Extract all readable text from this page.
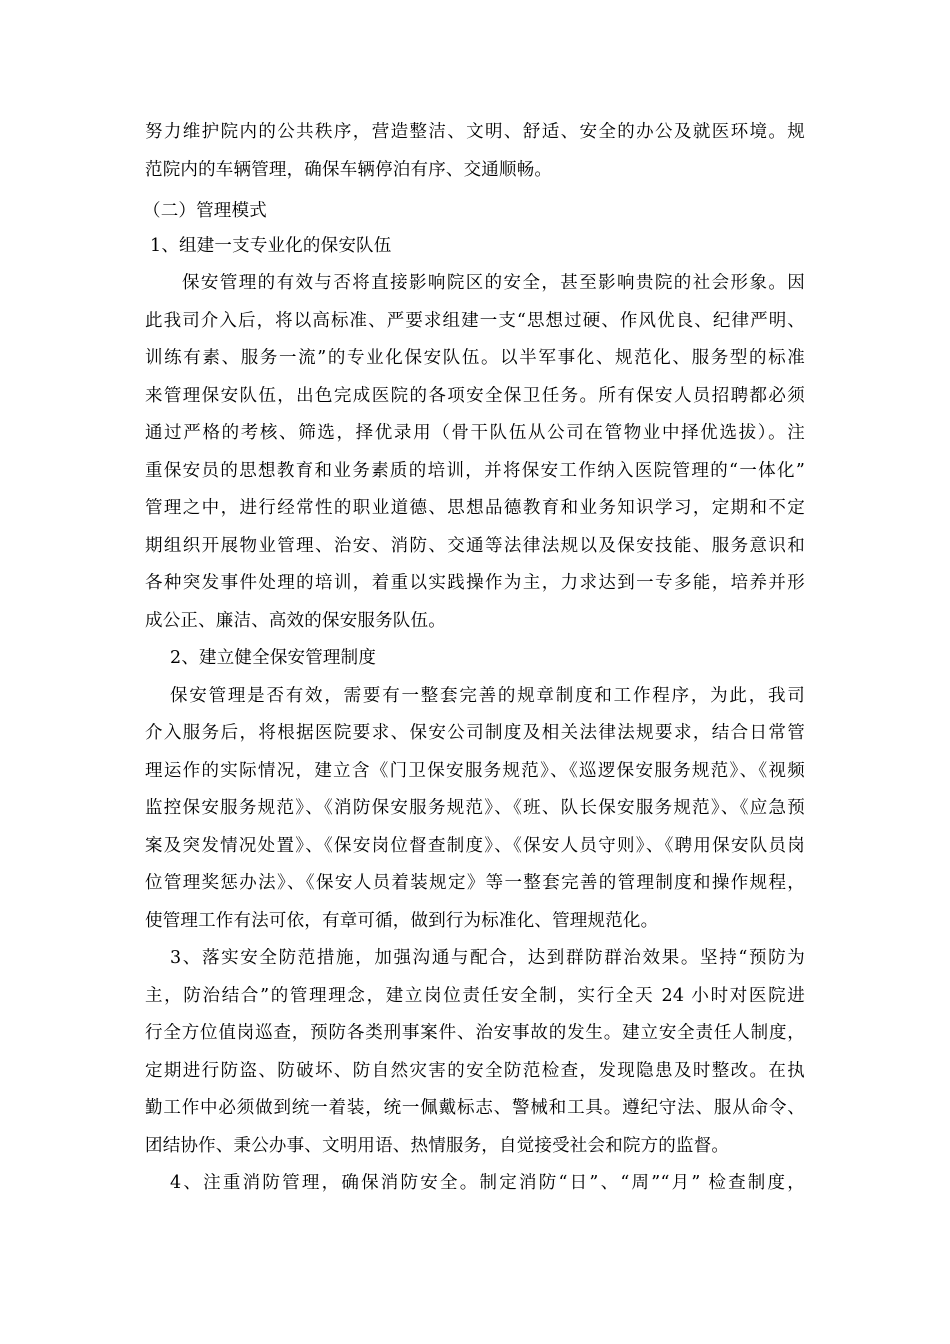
努力维护院内的公共秩序，营造整洁、文明、舒适、安全的办公及就医环境。规
范院内的车辆管理，确保车辆停泊有序、交通顺畅。
（二）管理模式
1、组建一支专业化的保安队伍
保安管理的有效与否将直接影响院区的安全，甚至影响贵院的社会形象。因
此我司介入后，将以高标准、严要求组建一支“思想过硬、作风优良、纪律严明、
训练有素、服务一流”的专业化保安队伍。以半军事化、规范化、服务型的标准
来管理保安队伍，出色完成医院的各项安全保卫任务。所有保安人员招聘都必须
通过严格的考核、筛选，择优录用（骨干队伍从公司在管物业中择优选拔）。注
重保安员的思想教育和业务素质的培训，并将保安工作纳入医院管理的“一体化”
管理之中，进行经常性的职业道德、思想品德教育和业务知识学习，定期和不定
期组织开展物业管理、治安、消防、交通等法律法规以及保安技能、服务意识和
各种突发事件处理的培训，着重以实践操作为主，力求达到一专多能，培养并形
成公正、廉洁、高效的保安服务队伍。
2、建立健全保安管理制度
保安管理是否有效，需要有一整套完善的规章制度和工作程序，为此，我司
介入服务后，将根据医院要求、保安公司制度及相关法律法规要求，结合日常管
理运作的实际情况，建立含《门卫保安服务规范》、《巡逻保安服务规范》、《视频
监控保安服务规范》、《消防保安服务规范》、《班、队长保安服务规范》、《应急预
案及突发情况处置》、《保安岗位督查制度》、《保安人员守则》、《聘用保安队员岗
位管理奖惩办法》、《保安人员着装规定》等一整套完善的管理制度和操作规程，
使管理工作有法可依，有章可循，做到行为标准化、管理规范化。
3、落实安全防范措施，加强沟通与配合，达到群防群治效果。坚持“预防为
主，防治结合”的管理理念，建立岗位责任安全制，实行全天 24 小时对医院进
行全方位值岗巡查，预防各类刑事案件、治安事故的发生。建立安全责任人制度，
定期进行防盗、防破坏、防自然灾害的安全防范检查，发现隐患及时整改。在执
勤工作中必须做到统一着装，统一佩戴标志、警械和工具。遵纪守法、服从命令、
团结协作、秉公办事、文明用语、热情服务，自觉接受社会和院方的监督。
4、注重消防管理，确保消防安全。制定消防“日”、“周”“月” 检查制度，
